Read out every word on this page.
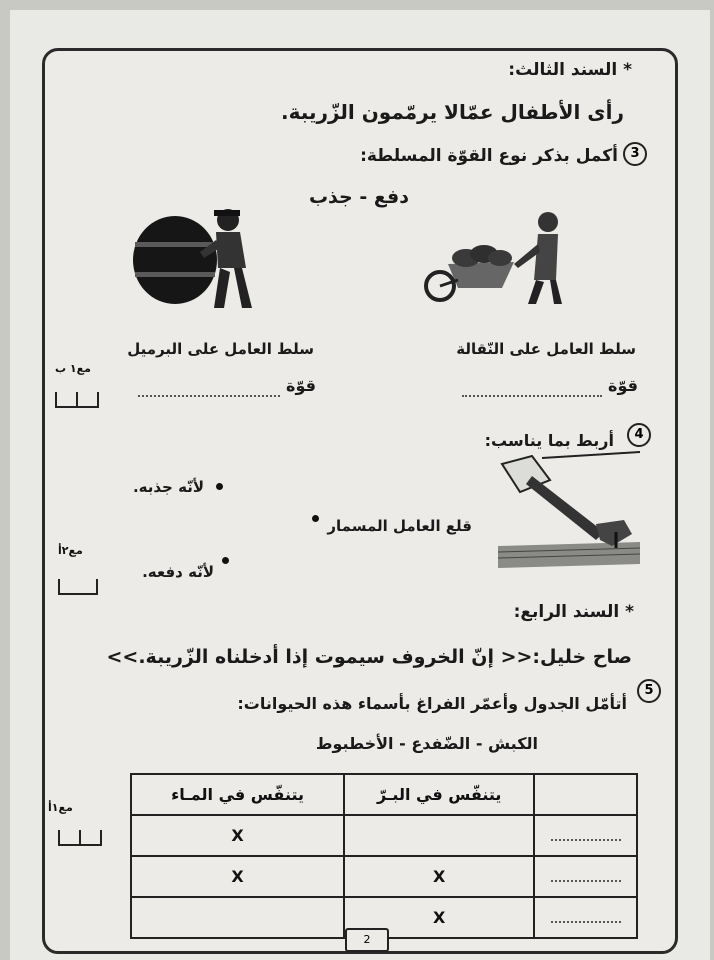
* السند الثالث:
رأى الأطفال عمّالا يرمّمون الزّريبة.
3
أكمل بذكر نوع القوّة المسلطة:
دفع - جذب
سلط العامل على النّقالة
سلط العامل على البرميل
قوّة
قوّة
مع١ ب
4
أربط بما يناسب:
لأنّه جذبه.
قلع العامل المسمار
لأنّه دفعه.
مع٢أ
* السند الرابع:
صاح خليل:<< إنّ الخروف سيموت إذا أدخلناه الزّريبة.>>
5
أتأمّل الجدول وأعمّر الفراغ بأسماء هذه الحيوانات:
الكبش - الضّفدع - الأخطبوط
مع١أ
	يتنفّس في البـرّ	يتنفّس في المـاء

		X

	X	X

	X	
2
